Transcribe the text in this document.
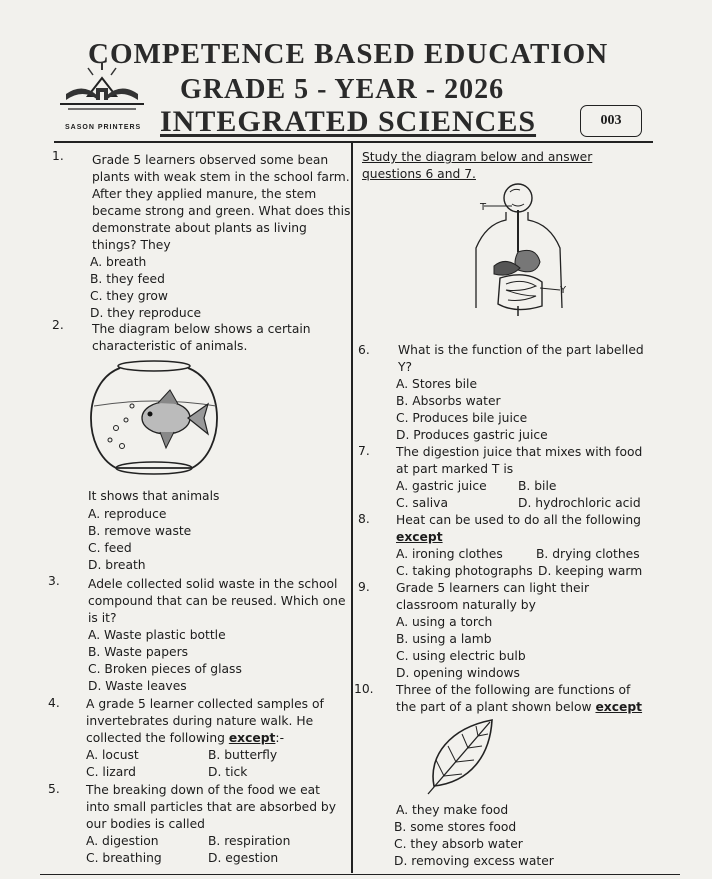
COMPETENCE BASED EDUCATION
GRADE 5 - YEAR - 2026
INTEGRATED SCIENCES	003
SASON PRINTERS
1. Grade 5 learners observed some bean
plants with weak stem in the school farm.
After they applied manure, the stem
became strong and green. What does this
demonstrate about plants as living
things? They
A. breath
B. they feed
C. they grow
D. they reproduce
2. The diagram below shows a certain
characteristic of animals.
It shows that animals
A. reproduce
B. remove waste
C. feed
D. breath
3. Adele collected solid waste in the school
compound that can be reused. Which one
is it?
A. Waste plastic bottle
B. Waste papers
C. Broken pieces of glass
D. Waste leaves
4. A grade 5 learner collected samples of
invertebrates during nature walk. He
collected the following except:-
A. locust	B. butterfly
C. lizard	D. tick
5. The breaking down of the food we eat
into small particles that are absorbed by
our bodies is called
A. digestion	B. respiration
C. breathing	D. egestion
Study the diagram below and answer
questions 6 and 7.
T
Y
6. What is the function of the part labelled
Y?
A. Stores bile
B. Absorbs water
C. Produces bile juice
D. Produces gastric juice
7. The digestion juice that mixes with food
at part marked T is
A. gastric juice	B. bile
C. saliva	D. hydrochloric acid
8. Heat can be used to do all the following
except
A. ironing clothes	B. drying clothes
C. taking photographs D. keeping warm
9. Grade 5 learners can light their
classroom naturally by
A. using a torch
B. using a lamb
C. using electric bulb
D. opening windows
10. Three of the following are functions of
the part of a plant shown below except
A. they make food
B. some stores food
C. they absorb water
D. removing excess water
